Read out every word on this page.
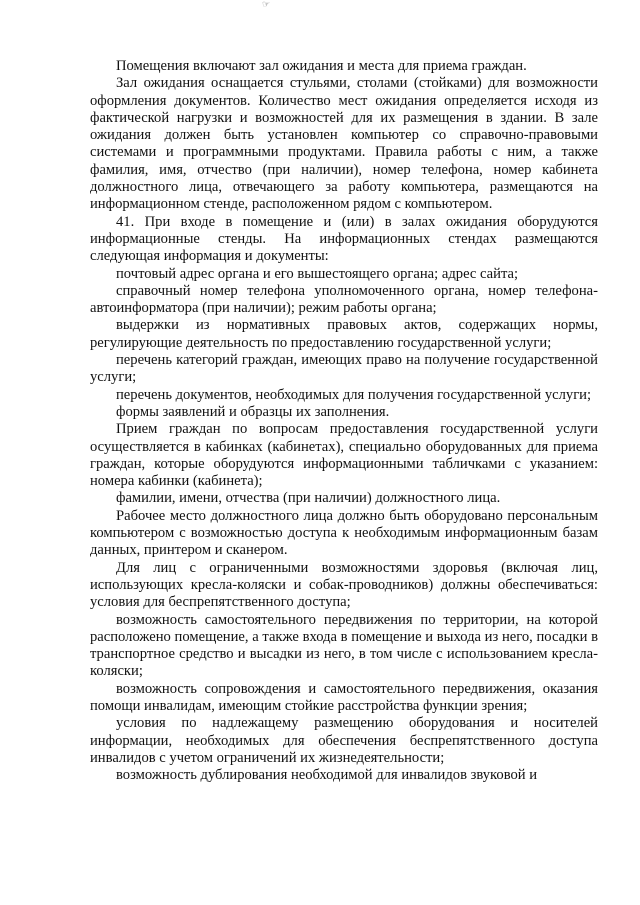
☞

Помещения включают зал ожидания и места для приема граждан.

Зал ожидания оснащается стульями, столами (стойками) для возможности оформления документов. Количество мест ожидания определяется исходя из фактической нагрузки и возможностей для их размещения в здании. В зале ожидания должен быть установлен компьютер со справочно-правовыми системами и программными продуктами. Правила работы с ним, а также фамилия, имя, отчество (при наличии), номер телефона, номер кабинета должностного лица, отвечающего за работу компьютера, размещаются на информационном стенде, расположенном рядом с компьютером.

41. При входе в помещение и (или) в залах ожидания оборудуются информационные стенды. На информационных стендах размещаются следующая информация и документы:

почтовый адрес органа и его вышестоящего органа; адрес сайта;

справочный номер телефона уполномоченного органа, номер телефона-автоинформатора (при наличии); режим работы органа;

выдержки из нормативных правовых актов, содержащих нормы, регулирующие деятельность по предоставлению государственной услуги;

перечень категорий граждан, имеющих право на получение государственной услуги;

перечень документов, необходимых для получения государственной услуги;

формы заявлений и образцы их заполнения.

Прием граждан по вопросам предоставления государственной услуги осуществляется в кабинках (кабинетах), специально оборудованных для приема граждан, которые оборудуются информационными табличками с указанием: номера кабинки (кабинета);

фамилии, имени, отчества (при наличии) должностного лица.

Рабочее место должностного лица должно быть оборудовано персональным компьютером с возможностью доступа к необходимым информационным базам данных, принтером и сканером.

Для лиц с ограниченными возможностями здоровья (включая лиц, использующих кресла-коляски и собак-проводников) должны обеспечиваться: условия для беспрепятственного доступа;

возможность самостоятельного передвижения по территории, на которой расположено помещение, а также входа в помещение и выхода из него, посадки в транспортное средство и высадки из него, в том числе с использованием кресла- коляски;

возможность сопровождения и самостоятельного передвижения, оказания помощи инвалидам, имеющим стойкие расстройства функции зрения;

условия по надлежащему размещению оборудования и носителей информации, необходимых для обеспечения беспрепятственного доступа инвалидов с учетом ограничений их жизнедеятельности;

возможность дублирования необходимой для инвалидов звуковой и
